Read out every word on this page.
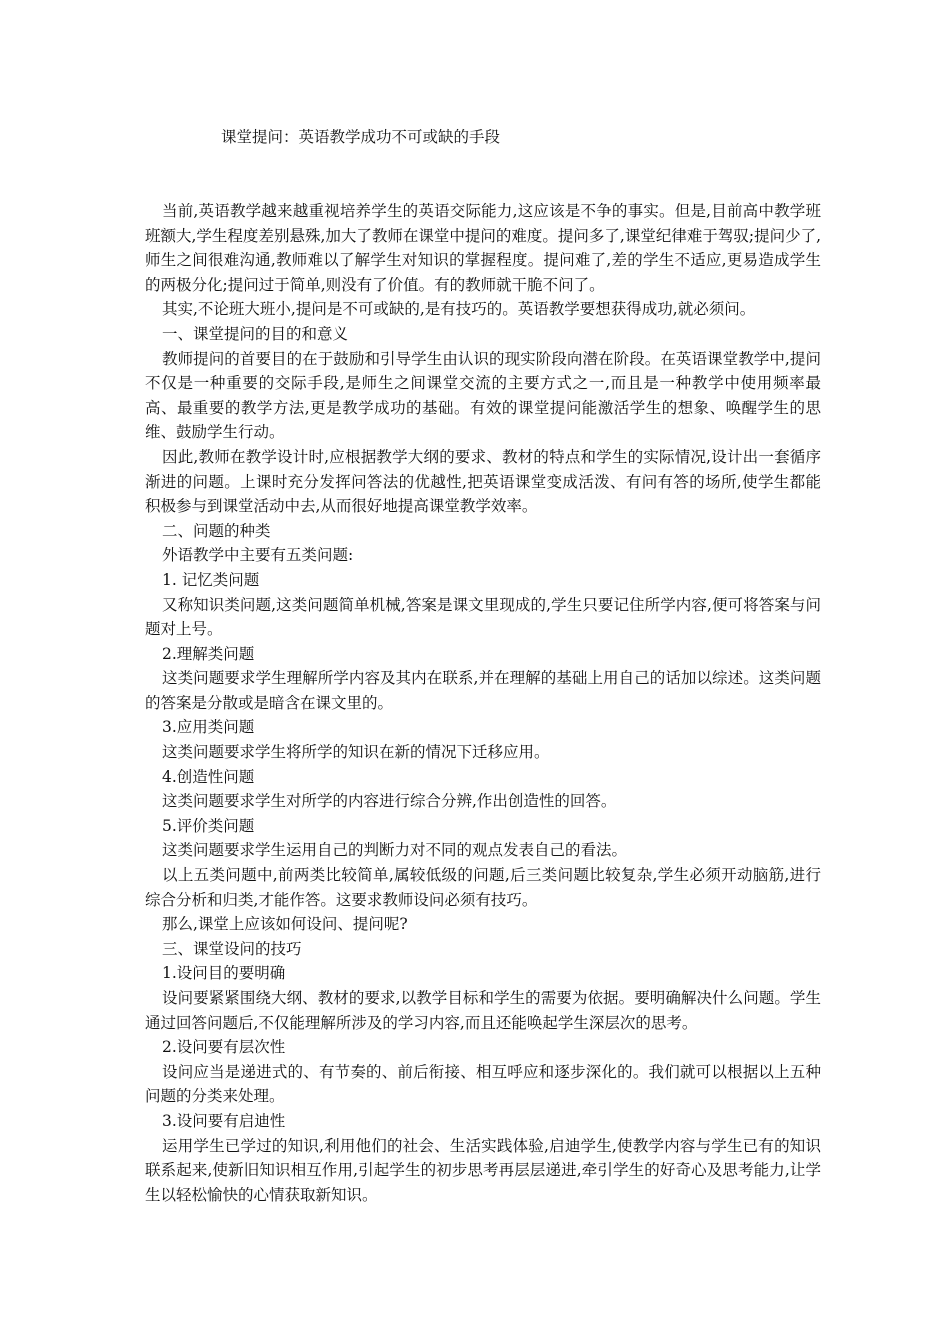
课堂提问：英语教学成功不可或缺的手段

当前,英语教学越来越重视培养学生的英语交际能力,这应该是不争的事实。但是,目前高中教学班班额大,学生程度差别悬殊,加大了教师在课堂中提问的难度。提问多了,课堂纪律难于驾驭;提问少了,师生之间很难沟通,教师难以了解学生对知识的掌握程度。提问难了,差的学生不适应,更易造成学生的两极分化;提问过于简单,则没有了价值。有的教师就干脆不问了。

其实,不论班大班小,提问是不可或缺的,是有技巧的。英语教学要想获得成功,就必须问。

一、课堂提问的目的和意义

教师提问的首要目的在于鼓励和引导学生由认识的现实阶段向潜在阶段。在英语课堂教学中,提问不仅是一种重要的交际手段,是师生之间课堂交流的主要方式之一,而且是一种教学中使用频率最高、最重要的教学方法,更是教学成功的基础。有效的课堂提问能激活学生的想象、唤醒学生的思维、鼓励学生行动。

因此,教师在教学设计时,应根据教学大纲的要求、教材的特点和学生的实际情况,设计出一套循序渐进的问题。上课时充分发挥问答法的优越性,把英语课堂变成活泼、有问有答的场所,使学生都能积极参与到课堂活动中去,从而很好地提高课堂教学效率。

二、问题的种类

外语教学中主要有五类问题:

1. 记忆类问题

又称知识类问题,这类问题简单机械,答案是课文里现成的,学生只要记住所学内容,便可将答案与问题对上号。

2.理解类问题

这类问题要求学生理解所学内容及其内在联系,并在理解的基础上用自己的话加以综述。这类问题的答案是分散或是暗含在课文里的。

3.应用类问题

这类问题要求学生将所学的知识在新的情况下迁移应用。

4.创造性问题

这类问题要求学生对所学的内容进行综合分辨,作出创造性的回答。

5.评价类问题

这类问题要求学生运用自己的判断力对不同的观点发表自己的看法。

以上五类问题中,前两类比较简单,属较低级的问题,后三类问题比较复杂,学生必须开动脑筋,进行综合分析和归类,才能作答。这要求教师设问必须有技巧。

那么,课堂上应该如何设问、提问呢?

三、课堂设问的技巧

1.设问目的要明确

设问要紧紧围绕大纲、教材的要求,以教学目标和学生的需要为依据。要明确解决什么问题。学生通过回答问题后,不仅能理解所涉及的学习内容,而且还能唤起学生深层次的思考。

2.设问要有层次性

设问应当是递进式的、有节奏的、前后衔接、相互呼应和逐步深化的。我们就可以根据以上五种问题的分类来处理。

3.设问要有启迪性

运用学生已学过的知识,利用他们的社会、生活实践体验,启迪学生,使教学内容与学生已有的知识联系起来,使新旧知识相互作用,引起学生的初步思考再层层递进,牵引学生的好奇心及思考能力,让学生以轻松愉快的心情获取新知识。
